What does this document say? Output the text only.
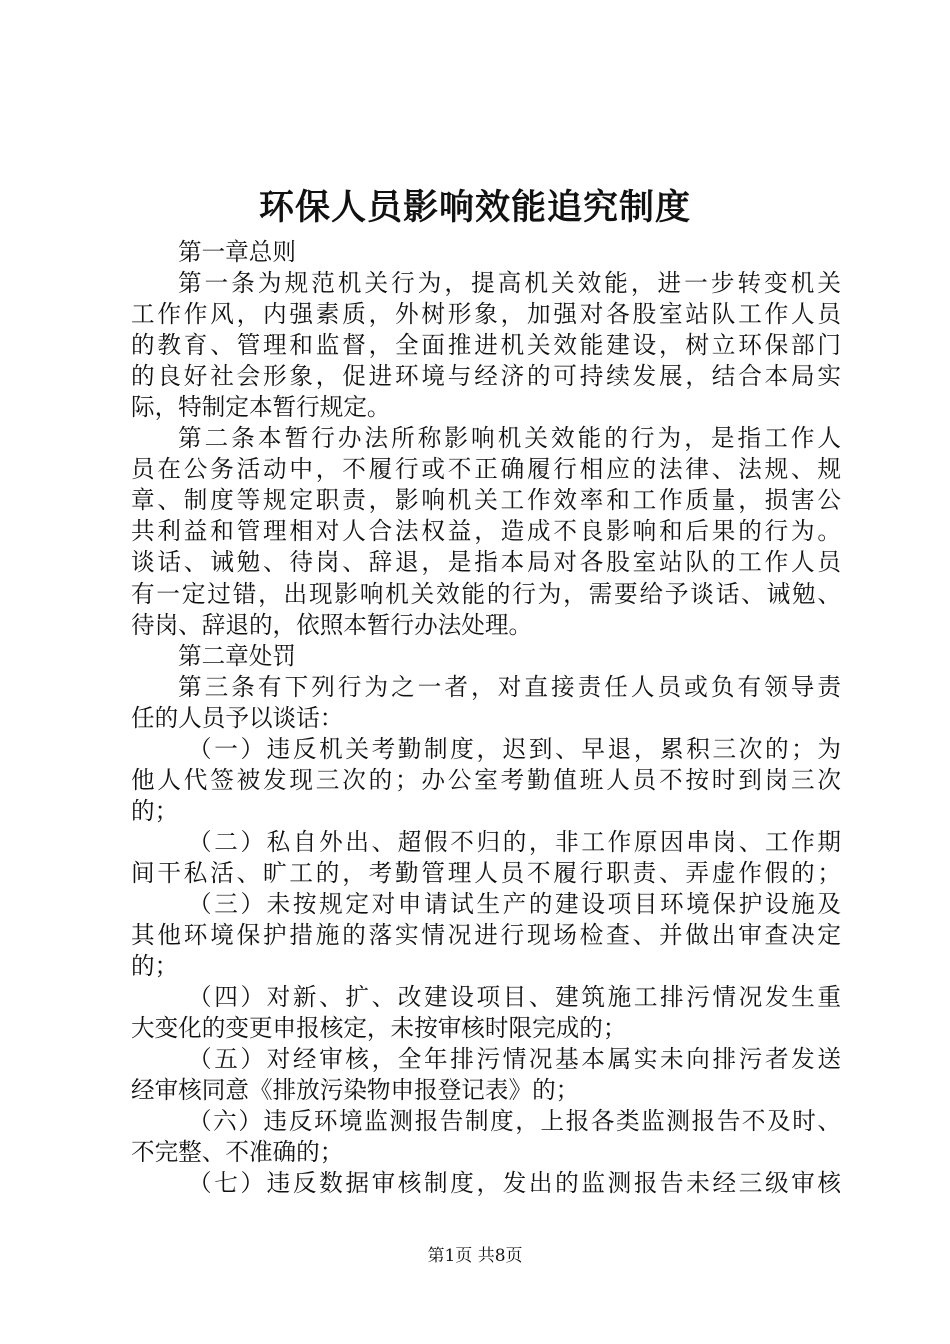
环保人员影响效能追究制度
第一章总则
第一条为规范机关行为，提高机关效能，进一步转变机关
工作作风，内强素质，外树形象，加强对各股室站队工作人员
的教育、管理和监督，全面推进机关效能建设，树立环保部门
的良好社会形象，促进环境与经济的可持续发展，结合本局实
际，特制定本暂行规定。
第二条本暂行办法所称影响机关效能的行为，是指工作人
员在公务活动中，不履行或不正确履行相应的法律、法规、规
章、制度等规定职责，影响机关工作效率和工作质量，损害公
共利益和管理相对人合法权益，造成不良影响和后果的行为。
谈话、诫勉、待岗、辞退，是指本局对各股室站队的工作人员
有一定过错，出现影响机关效能的行为，需要给予谈话、诫勉、
待岗、辞退的，依照本暂行办法处理。
第二章处罚
第三条有下列行为之一者，对直接责任人员或负有领导责
任的人员予以谈话：
（一）违反机关考勤制度，迟到、早退，累积三次的；为
他人代签被发现三次的；办公室考勤值班人员不按时到岗三次
的；
（二）私自外出、超假不归的，非工作原因串岗、工作期
间干私活、旷工的，考勤管理人员不履行职责、弄虚作假的；
（三）未按规定对申请试生产的建设项目环境保护设施及
其他环境保护措施的落实情况进行现场检查、并做出审查决定
的；
（四）对新、扩、改建设项目、建筑施工排污情况发生重
大变化的变更申报核定，未按审核时限完成的；
（五）对经审核，全年排污情况基本属实未向排污者发送
经审核同意《排放污染物申报登记表》的；
（六）违反环境监测报告制度，上报各类监测报告不及时、
不完整、不准确的；
（七）违反数据审核制度，发出的监测报告未经三级审核
第1页 共8页
